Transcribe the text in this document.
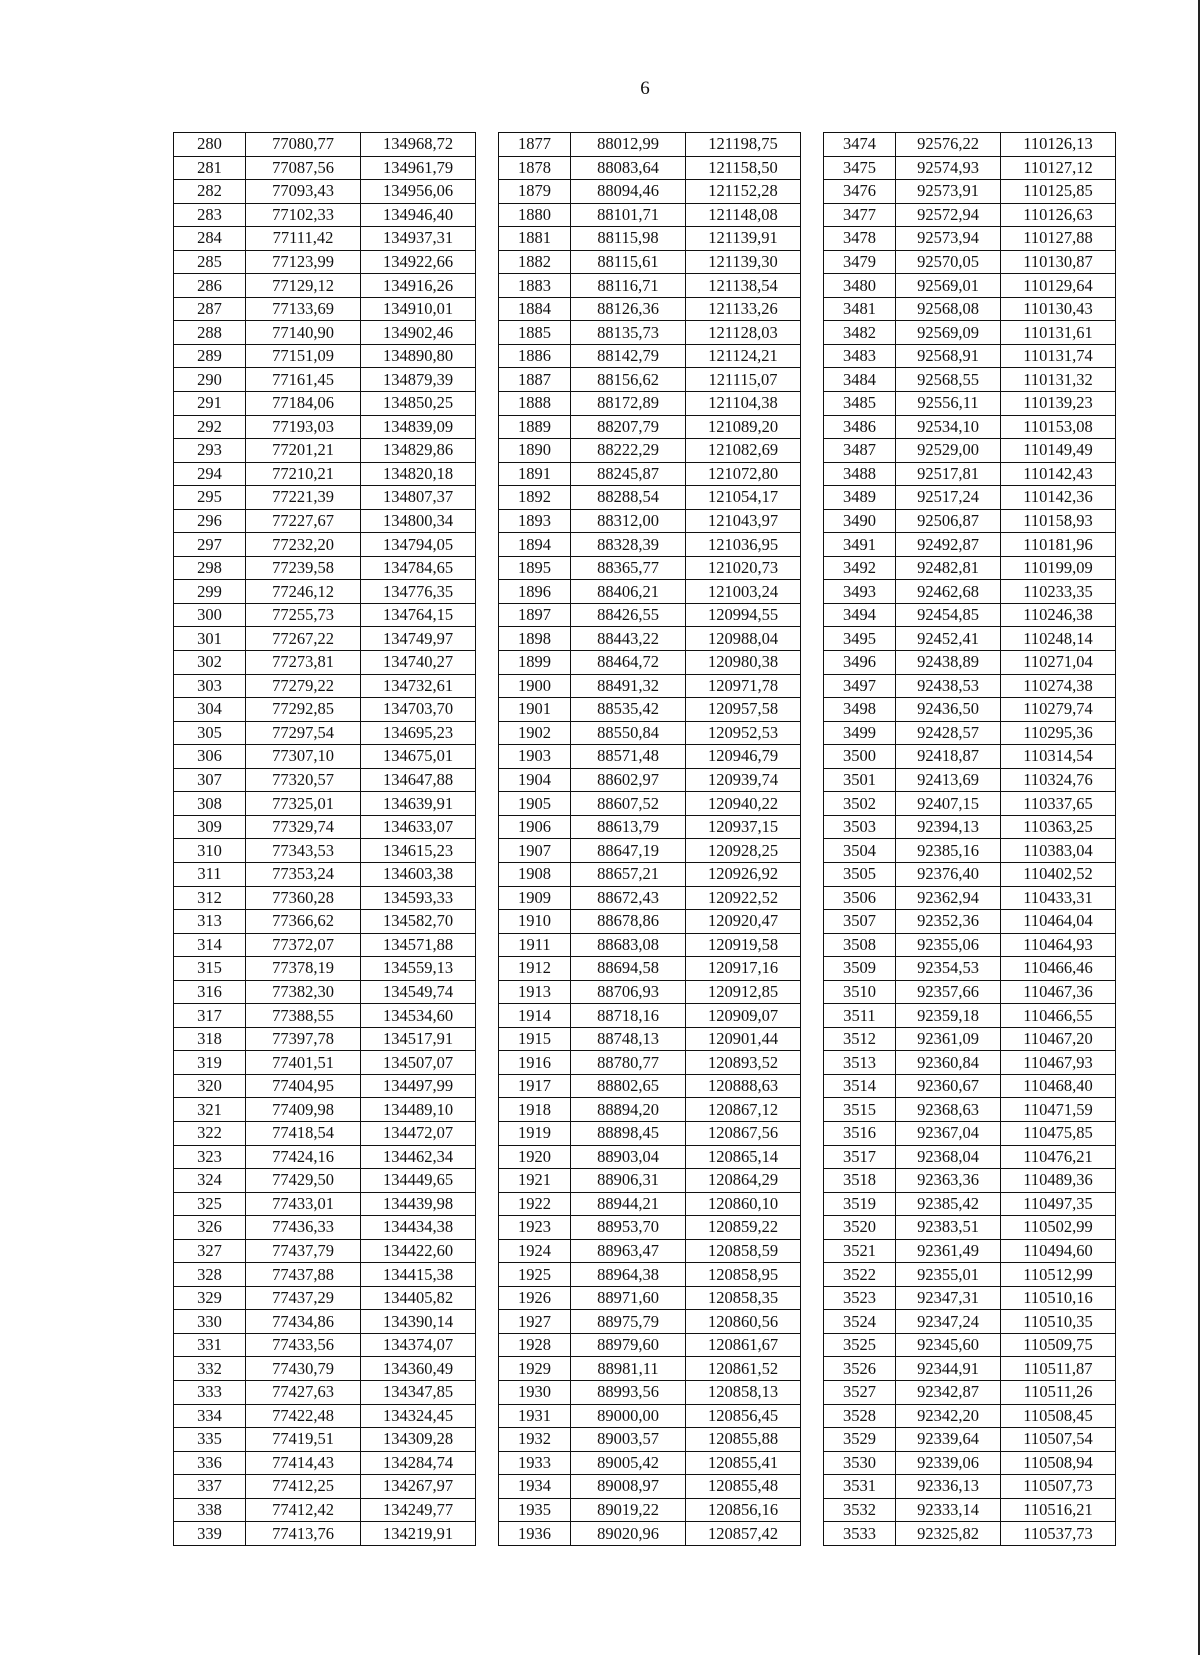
6
280	77080,77	134968,72		1877	88012,99	121198,75		3474	92576,22	110126,13
281	77087,56	134961,79		1878	88083,64	121158,50		3475	92574,93	110127,12
282	77093,43	134956,06		1879	88094,46	121152,28		3476	92573,91	110125,85
283	77102,33	134946,40		1880	88101,71	121148,08		3477	92572,94	110126,63
284	77111,42	134937,31		1881	88115,98	121139,91		3478	92573,94	110127,88
285	77123,99	134922,66		1882	88115,61	121139,30		3479	92570,05	110130,87
286	77129,12	134916,26		1883	88116,71	121138,54		3480	92569,01	110129,64
287	77133,69	134910,01		1884	88126,36	121133,26		3481	92568,08	110130,43
288	77140,90	134902,46		1885	88135,73	121128,03		3482	92569,09	110131,61
289	77151,09	134890,80		1886	88142,79	121124,21		3483	92568,91	110131,74
290	77161,45	134879,39		1887	88156,62	121115,07		3484	92568,55	110131,32
291	77184,06	134850,25		1888	88172,89	121104,38		3485	92556,11	110139,23
292	77193,03	134839,09		1889	88207,79	121089,20		3486	92534,10	110153,08
293	77201,21	134829,86		1890	88222,29	121082,69		3487	92529,00	110149,49
294	77210,21	134820,18		1891	88245,87	121072,80		3488	92517,81	110142,43
295	77221,39	134807,37		1892	88288,54	121054,17		3489	92517,24	110142,36
296	77227,67	134800,34		1893	88312,00	121043,97		3490	92506,87	110158,93
297	77232,20	134794,05		1894	88328,39	121036,95		3491	92492,87	110181,96
298	77239,58	134784,65		1895	88365,77	121020,73		3492	92482,81	110199,09
299	77246,12	134776,35		1896	88406,21	121003,24		3493	92462,68	110233,35
300	77255,73	134764,15		1897	88426,55	120994,55		3494	92454,85	110246,38
301	77267,22	134749,97		1898	88443,22	120988,04		3495	92452,41	110248,14
302	77273,81	134740,27		1899	88464,72	120980,38		3496	92438,89	110271,04
303	77279,22	134732,61		1900	88491,32	120971,78		3497	92438,53	110274,38
304	77292,85	134703,70		1901	88535,42	120957,58		3498	92436,50	110279,74
305	77297,54	134695,23		1902	88550,84	120952,53		3499	92428,57	110295,36
306	77307,10	134675,01		1903	88571,48	120946,79		3500	92418,87	110314,54
307	77320,57	134647,88		1904	88602,97	120939,74		3501	92413,69	110324,76
308	77325,01	134639,91		1905	88607,52	120940,22		3502	92407,15	110337,65
309	77329,74	134633,07		1906	88613,79	120937,15		3503	92394,13	110363,25
310	77343,53	134615,23		1907	88647,19	120928,25		3504	92385,16	110383,04
311	77353,24	134603,38		1908	88657,21	120926,92		3505	92376,40	110402,52
312	77360,28	134593,33		1909	88672,43	120922,52		3506	92362,94	110433,31
313	77366,62	134582,70		1910	88678,86	120920,47		3507	92352,36	110464,04
314	77372,07	134571,88		1911	88683,08	120919,58		3508	92355,06	110464,93
315	77378,19	134559,13		1912	88694,58	120917,16		3509	92354,53	110466,46
316	77382,30	134549,74		1913	88706,93	120912,85		3510	92357,66	110467,36
317	77388,55	134534,60		1914	88718,16	120909,07		3511	92359,18	110466,55
318	77397,78	134517,91		1915	88748,13	120901,44		3512	92361,09	110467,20
319	77401,51	134507,07		1916	88780,77	120893,52		3513	92360,84	110467,93
320	77404,95	134497,99		1917	88802,65	120888,63		3514	92360,67	110468,40
321	77409,98	134489,10		1918	88894,20	120867,12		3515	92368,63	110471,59
322	77418,54	134472,07		1919	88898,45	120867,56		3516	92367,04	110475,85
323	77424,16	134462,34		1920	88903,04	120865,14		3517	92368,04	110476,21
324	77429,50	134449,65		1921	88906,31	120864,29		3518	92363,36	110489,36
325	77433,01	134439,98		1922	88944,21	120860,10		3519	92385,42	110497,35
326	77436,33	134434,38		1923	88953,70	120859,22		3520	92383,51	110502,99
327	77437,79	134422,60		1924	88963,47	120858,59		3521	92361,49	110494,60
328	77437,88	134415,38		1925	88964,38	120858,95		3522	92355,01	110512,99
329	77437,29	134405,82		1926	88971,60	120858,35		3523	92347,31	110510,16
330	77434,86	134390,14		1927	88975,79	120860,56		3524	92347,24	110510,35
331	77433,56	134374,07		1928	88979,60	120861,67		3525	92345,60	110509,75
332	77430,79	134360,49		1929	88981,11	120861,52		3526	92344,91	110511,87
333	77427,63	134347,85		1930	88993,56	120858,13		3527	92342,87	110511,26
334	77422,48	134324,45		1931	89000,00	120856,45		3528	92342,20	110508,45
335	77419,51	134309,28		1932	89003,57	120855,88		3529	92339,64	110507,54
336	77414,43	134284,74		1933	89005,42	120855,41		3530	92339,06	110508,94
337	77412,25	134267,97		1934	89008,97	120855,48		3531	92336,13	110507,73
338	77412,42	134249,77		1935	89019,22	120856,16		3532	92333,14	110516,21
339	77413,76	134219,91		1936	89020,96	120857,42		3533	92325,82	110537,73
